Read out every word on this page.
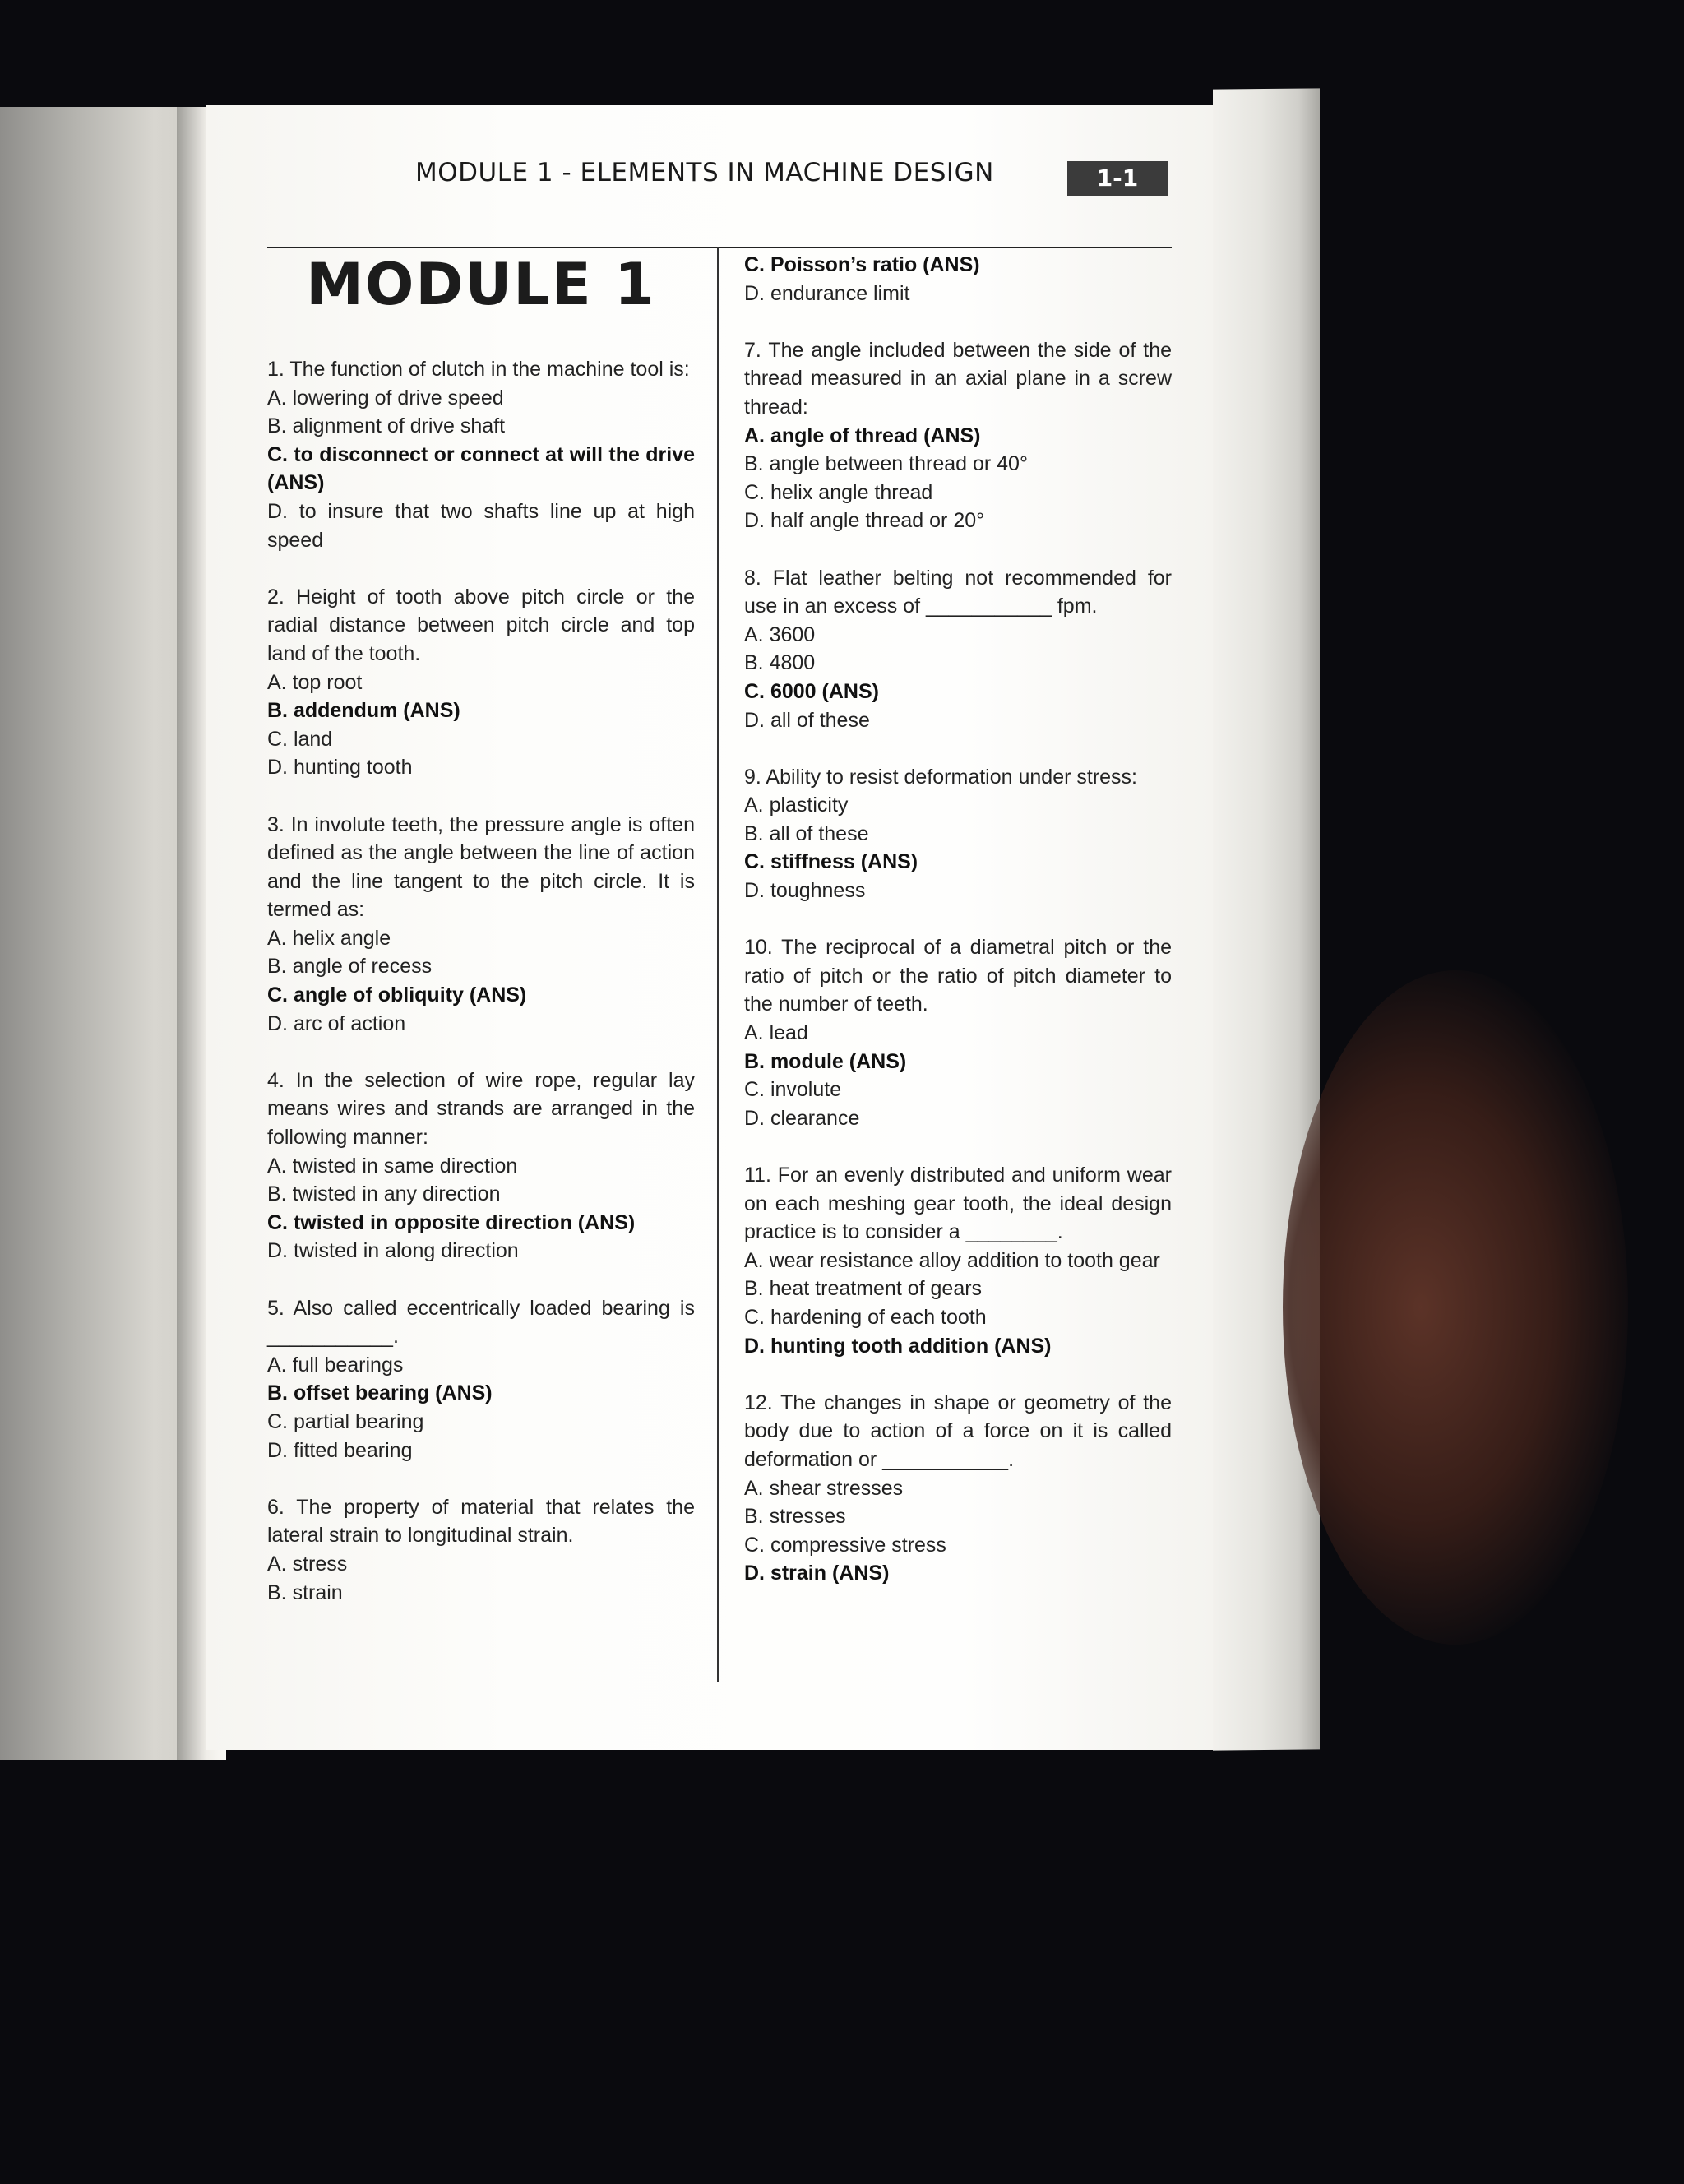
MODULE 1 - ELEMENTS IN MACHINE DESIGN	1-1
MODULE 1
1. The function of clutch in the machine tool is:
A. lowering of drive speed
B. alignment of drive shaft
C. to disconnect or connect at will the drive (ANS)
D. to insure that two shafts line up at high speed
2. Height of tooth above pitch circle or the radial distance between pitch circle and top land of the tooth.
A. top root
B. addendum (ANS)
C. land
D. hunting tooth
3. In involute teeth, the pressure angle is often defined as the angle between the line of action and the line tangent to the pitch circle. It is termed as:
A. helix angle
B. angle of recess
C. angle of obliquity (ANS)
D. arc of action
4. In the selection of wire rope, regular lay means wires and strands are arranged in the following manner:
A. twisted in same direction
B. twisted in any direction
C. twisted in opposite direction (ANS)
D. twisted in along direction
5. Also called eccentrically loaded bearing is ___________.
A. full bearings
B. offset bearing (ANS)
C. partial bearing
D. fitted bearing
6. The property of material that relates the lateral strain to longitudinal strain.
A. stress
B. strain
C. Poisson’s ratio (ANS)
D. endurance limit
7. The angle included between the side of the thread measured in an axial plane in a screw thread:
A. angle of thread (ANS)
B. angle between thread or 40°
C. helix angle thread
D. half angle thread or 20°
8. Flat leather belting not recommended for use in an excess of ___________ fpm.
A. 3600
B. 4800
C. 6000 (ANS)
D. all of these
9. Ability to resist deformation under stress:
A. plasticity
B. all of these
C. stiffness (ANS)
D. toughness
10. The reciprocal of a diametral pitch or the ratio of pitch or the ratio of pitch diameter to the number of teeth.
A. lead
B. module (ANS)
C. involute
D. clearance
11. For an evenly distributed and uniform wear on each meshing gear tooth, the ideal design practice is to consider a ________.
A. wear resistance alloy addition to tooth gear
B. heat treatment of gears
C. hardening of each tooth
D. hunting tooth addition (ANS)
12. The changes in shape or geometry of the body due to action of a force on it is called deformation or ___________.
A. shear stresses
B. stresses
C. compressive stress
D. strain (ANS)
